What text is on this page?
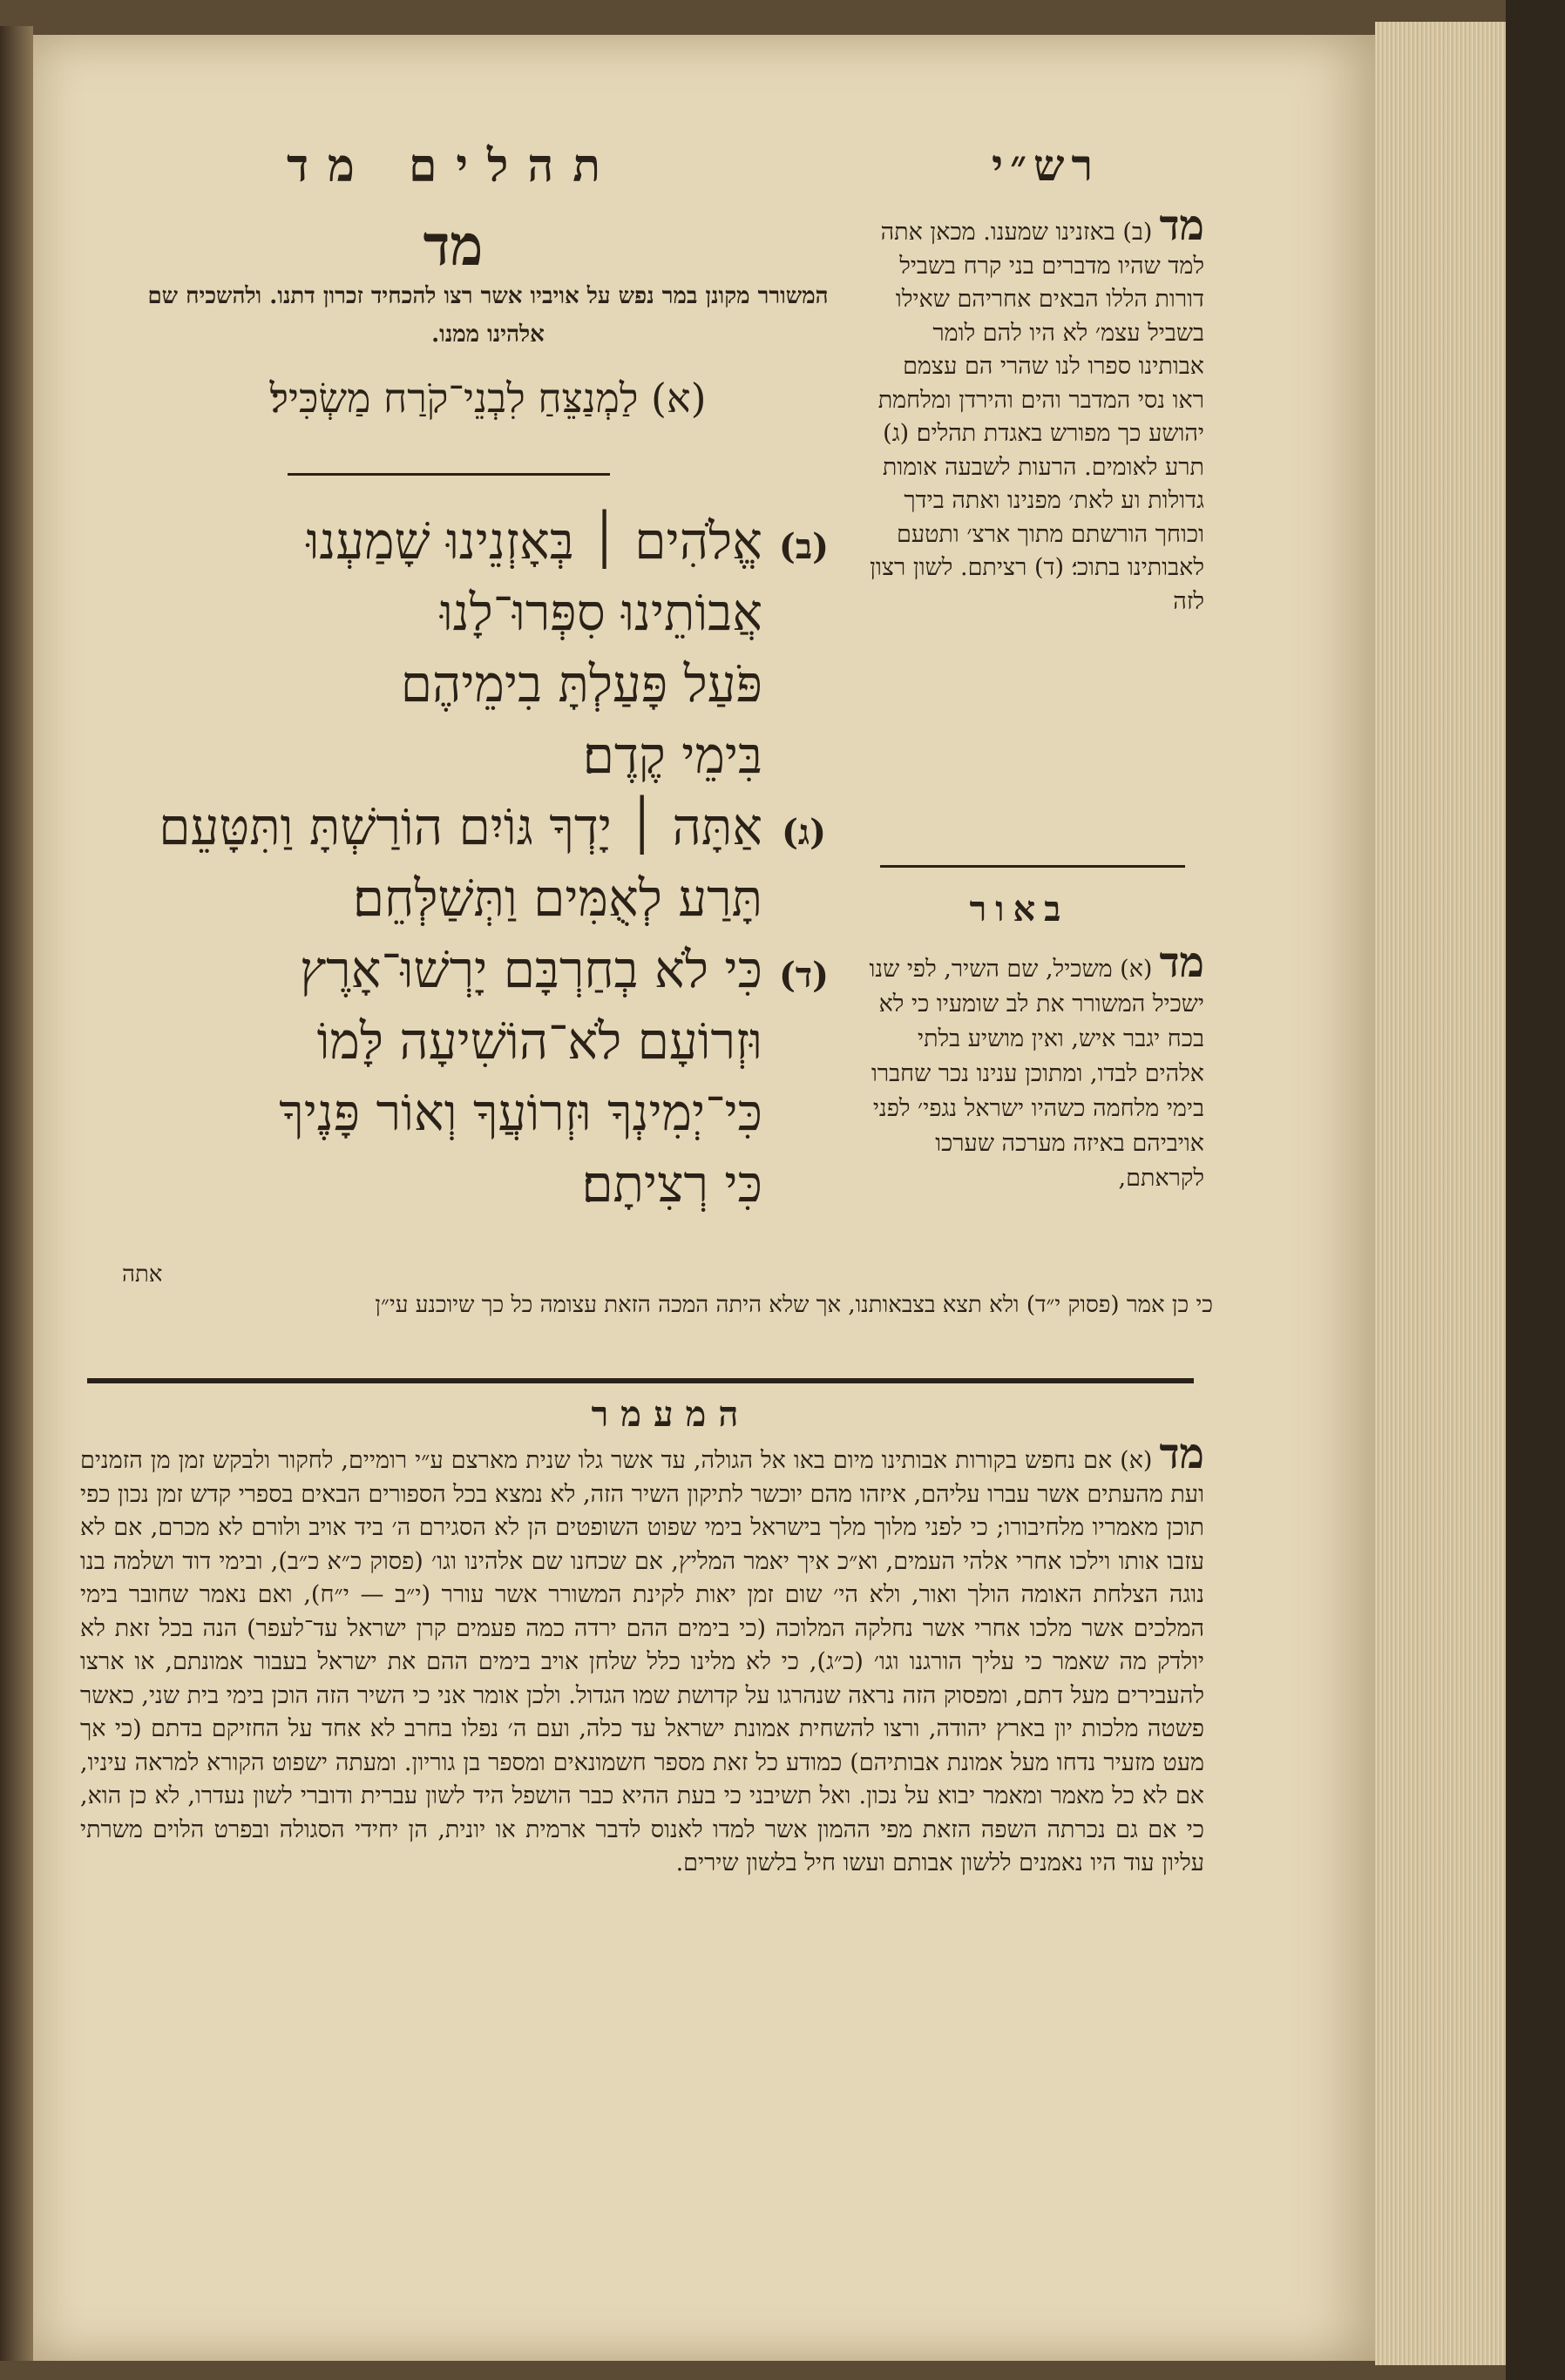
תהלים מד	רש״י
מד
המשורר מקונן במר נפש על אויביו אשר רצו להכחיד זכרון דתנו. ולהשכיח שם אלהינו ממנו.
(א) לַמְנַצֵּחַ לִבְנֵי־קֹרַח מַשְׂכִּיל׃
(ב)אֱלֹהִים ׀ בְּאָזְנֵינוּ שָׁמַעְנוּ
אֲבוֹתֵינוּ סִפְּרוּ־לָנוּ
פֹּעַל פָּעַלְתָּ בִימֵיהֶם
בִּימֵי קֶדֶם׃
(ג)אַתָּה ׀ יָדְךָ גּוֹיִם הוֹרַשְׁתָּ וַתִּטָּעֵם
תָּרַע לְאֻמִּים וַתְּשַׁלְּחֵם׃
(ד)כִּי לֹא בְחַרְבָּם יָרְשׁוּ־אָרֶץ
וּזְרוֹעָם לֹא־הוֹשִׁיעָה לָּמוֹ
כִּי־יְמִינְךָ וּזְרוֹעֲךָ וְאוֹר פָּנֶיךָ
כִּי רְצִיתָם׃
מד(ב) באזנינו שמענו. מכאן אתה למד שהיו מדברים בני קרח בשביל דורות הללו הבאים אחריהם שאילו בשביל עצמ׳ לא היו להם לומר אבותינו ספרו לנו שהרי הם עצמם ראו נסי המדבר והים והירדן ומלחמת יהושע כך מפורש באגדת תהלים׃ (ג) תרע לאומים. הרעות לשבעה אומות גדולות וע לאת׳ מפנינו ואתה בידך וכוחך הורשתם מתוך ארצ׳ ותטעם לאבותינו בתוכ׳׃ (ד) רציתם. לשון רצון לזה
באור
מד(א) משכיל, שם השיר, לפי שנו ישכיל המשורר את לב שומעיו כי לא בכח יגבר איש, ואין מושיע בלתי אלהים לבדו, ומתוכן ענינו נכר שחברו בימי מלחמה כשהיו ישראל נגפי׳ לפני אויביהם באיזה מערכה שערכו לקראתם,
אתה
כי כן אמר (פסוק י״ד) ולא תצא בצבאותנו, אך שלא היתה המכה הזאת עצומה כל כך שיוכנע עי״ן
המעמר
מד(א) אם נחפש בקורות אבותינו מיום באו אל הגולה, עד אשר גלו שנית מארצם ע״י רומיים, לחקור ולבקש זמן מן הזמנים ועת מהעתים אשר עברו עליהם, איזהו מהם יוכשר לתיקון השיר הזה, לא נמצא בכל הספורים הבאים בספרי קדש זמן נכון כפי תוכן מאמריו מלחיבורו; כי לפני מלוך מלך בישראל בימי שפוט השופטים הן לא הסגירם ה׳ ביד אויב ולורם לא מכרם, אם לא עזבו אותו וילכו אחרי אלהי העמים, וא״כ איך יאמר המליץ, אם שכחנו שם אלהינו וגו׳ (פסוק כ״א כ״ב), ובימי דוד ושלמה בנו נוגה הצלחת האומה הולך ואור, ולא הי׳ שום זמן יאות לקינת המשורר אשר עורר (י״ב — י״ח), ואם נאמר שחובר בימי המלכים אשר מלכו אחרי אשר נחלקה המלוכה (כי בימים ההם ירדה כמה פעמים קרן ישראל עד־לעפר) הנה בכל זאת לא יולדק מה שאמר כי עליך הורגנו וגו׳ (כ״ג), כי לא מלינו כלל שלחן אויב בימים ההם את ישראל בעבור אמונתם, או ארצו להעבירים מעל דתם, ומפסוק הזה נראה שנהרגו על קדושת שמו הגדול. ולכן אומר אני כי השיר הזה הוכן בימי בית שני, כאשר פשטה מלכות יון בארץ יהודה, ורצו להשחית אמונת ישראל עד כלה, ועם ה׳ נפלו בחרב לא אחד על החזיקם בדתם (כי אך מעט מזעיר נדחו מעל אמונת אבותיהם) כמודע כל זאת מספר חשמונאים ומספר בן גוריון. ומעתה ישפוט הקורא למראה עיניו, אם לא כל מאמר ומאמר יבוא על נכון. ואל תשיבני כי בעת ההיא כבר הושפל היד לשון עברית ודוברי לשון נעדרו, לא כן הוא, כי אם גם נכרתה השפה הזאת מפי ההמון אשר למדו לאנוס לדבר ארמית או יונית, הן יחידי הסגולה ובפרט הלוים משרתי עליון עוד היו נאמנים ללשון אבותם ועשו חיל בלשון שירים.
